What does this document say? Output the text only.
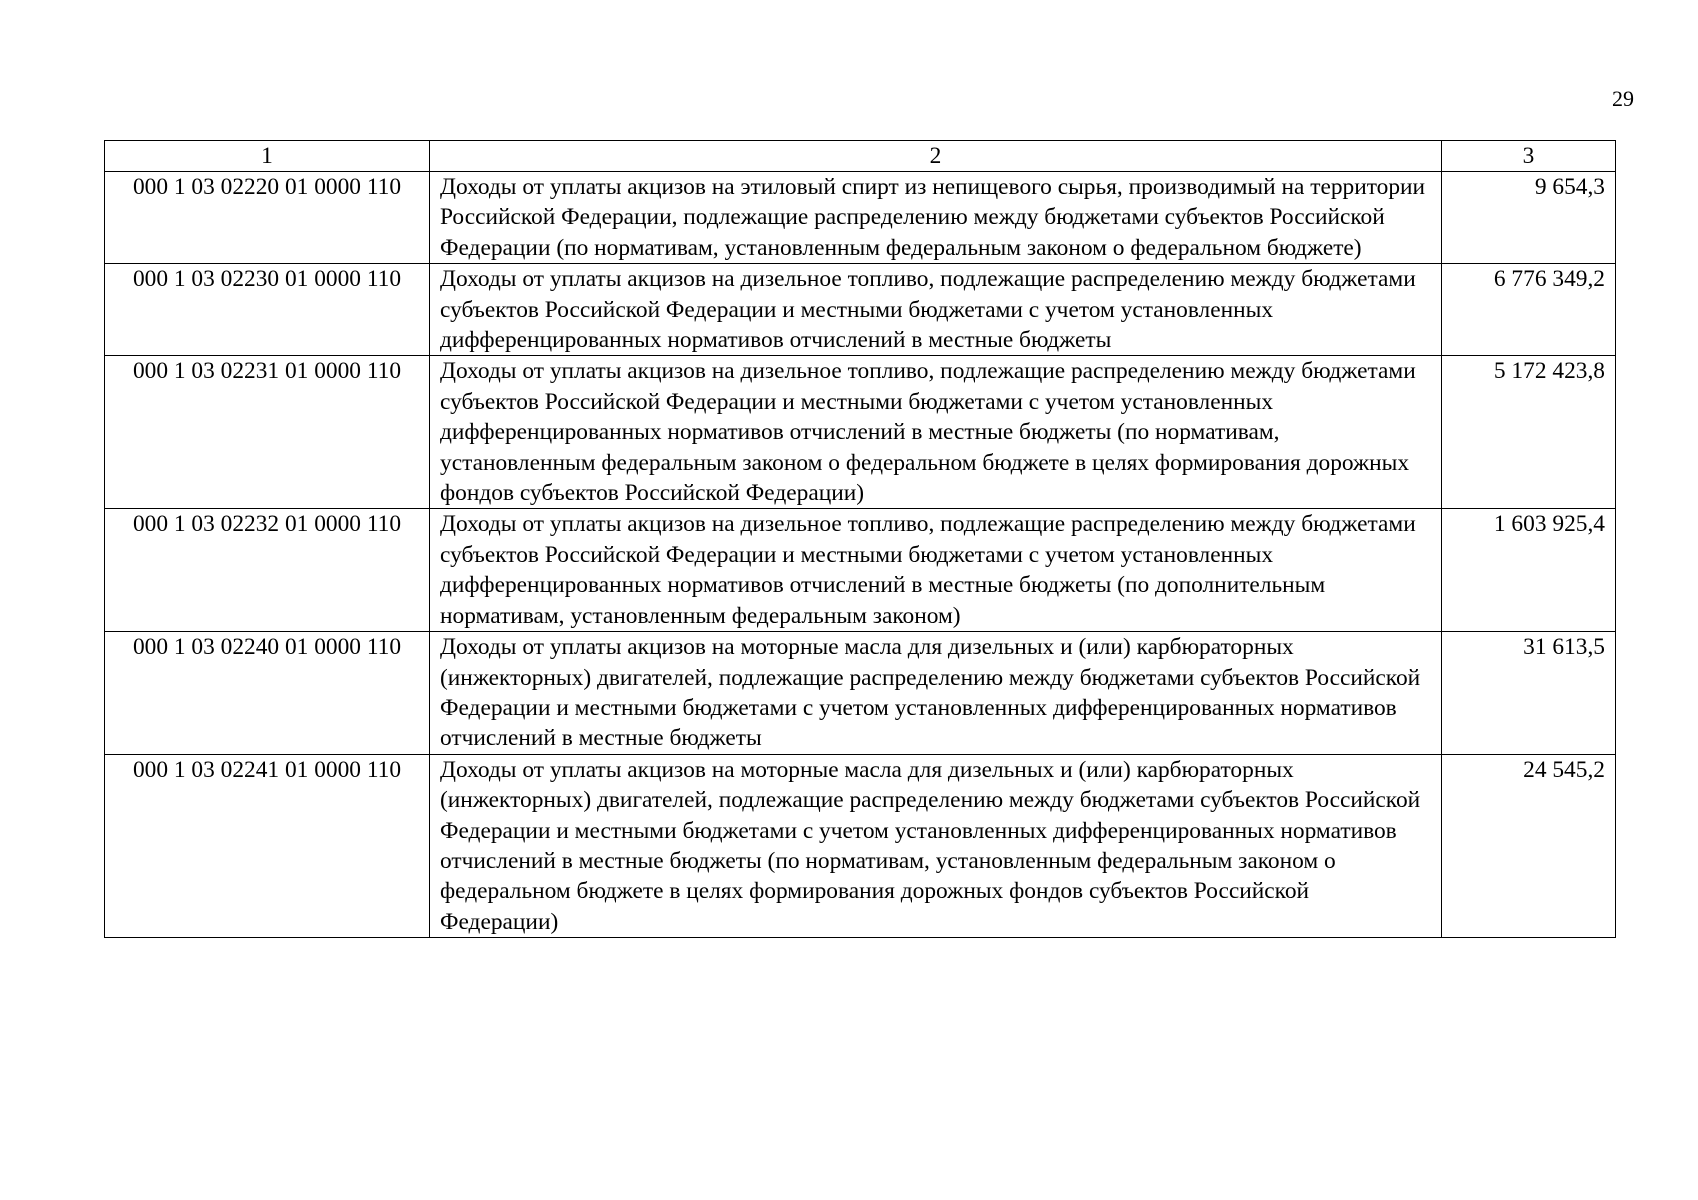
29
1	2	3
000 1 03 02220 01 0000 110	Доходы от уплаты акцизов на этиловый спирт из непищевого сырья, производимый на территории Российской Федерации, подлежащие распределению между бюджетами субъектов Российской Федерации (по нормативам, установленным федеральным законом о федеральном бюджете)	9 654,3
000 1 03 02230 01 0000 110	Доходы от уплаты акцизов на дизельное топливо, подлежащие распределению между бюджетами субъектов Российской Федерации и местными бюджетами с учетом установленных дифференцированных нормативов отчислений в местные бюджеты	6 776 349,2
000 1 03 02231 01 0000 110	Доходы от уплаты акцизов на дизельное топливо, подлежащие распределению между бюджетами субъектов Российской Федерации и местными бюджетами с учетом установленных дифференцированных нормативов отчислений в местные бюджеты (по нормативам, установленным федеральным законом о федеральном бюджете в целях формирования дорожных фондов субъектов Российской Федерации)	5 172 423,8
000 1 03 02232 01 0000 110	Доходы от уплаты акцизов на дизельное топливо, подлежащие распределению между бюджетами субъектов Российской Федерации и местными бюджетами с учетом установленных дифференцированных нормативов отчислений в местные бюджеты (по дополнительным нормативам, установленным федеральным законом)	1 603 925,4
000 1 03 02240 01 0000 110	Доходы от уплаты акцизов на моторные масла для дизельных и (или) карбюраторных (инжекторных) двигателей, подлежащие распределению между бюджетами субъектов Российской Федерации и местными бюджетами с учетом установленных дифференцированных нормативов отчислений в местные бюджеты	31 613,5
000 1 03 02241 01 0000 110	Доходы от уплаты акцизов на моторные масла для дизельных и (или) карбюраторных (инжекторных) двигателей, подлежащие распределению между бюджетами субъектов Российской Федерации и местными бюджетами с учетом установленных дифференцированных нормативов отчислений в местные бюджеты (по нормативам, установленным федеральным законом о федеральном бюджете в целях формирования дорожных фондов субъектов Российской Федерации)	24 545,2
